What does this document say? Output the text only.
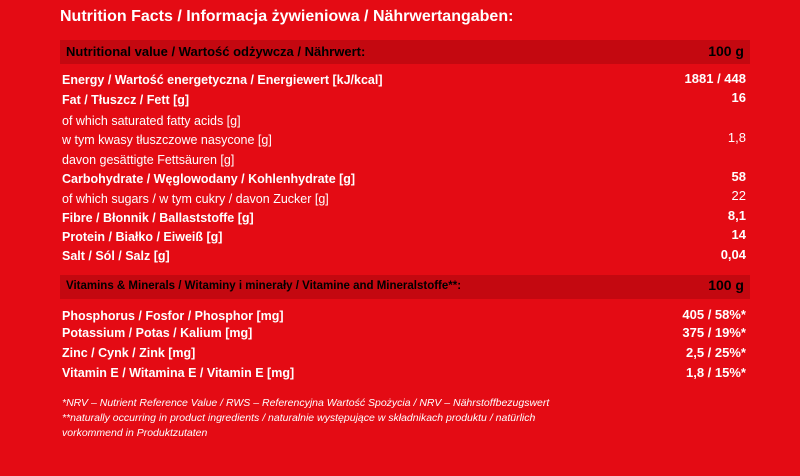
Nutrition Facts / Informacja żywieniowa / Nährwertangaben:
Nutritional value / Wartość odżywcza / Nährwert:	100 g
Energy / Wartość energetyczna / Energiewert [kJ/kcal]	1881 / 448
Fat / Tłuszcz / Fett [g]	16
of which saturated fatty acids [g]
w tym kwasy tłuszczowe nasycone [g]	1,8
davon gesättigte Fettsäuren [g]
Carbohydrate / Węglowodany / Kohlenhydrate [g]	58
of which sugars / w tym cukry / davon Zucker [g]	22
Fibre / Błonnik / Ballaststoffe [g]	8,1
Protein / Białko / Eiweiß [g]	14
Salt / Sól / Salz [g]	0,04
Vitamins & Minerals / Witaminy i minerały / Vitamine and Mineralstoffe**:	100 g
Phosphorus / Fosfor / Phosphor [mg]	405 / 58%*
Potassium / Potas / Kalium [mg]	375 / 19%*
Zinc / Cynk / Zink [mg]	2,5 / 25%*
Vitamin E / Witamina E / Vitamin E [mg]	1,8 / 15%*
*NRV – Nutrient Reference Value / RWS – Referencyjna Wartość Spożycia / NRV – Nährstoffbezugswert
**naturally occurring in product ingredients / naturalnie występujące w składnikach produktu / natürlich
vorkommend in Produktzutaten
